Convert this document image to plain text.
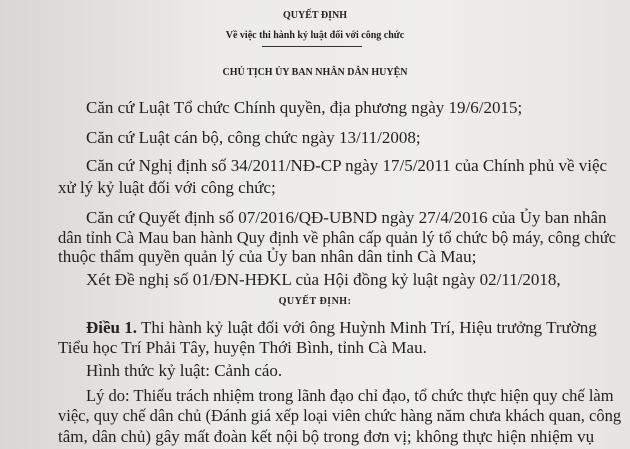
QUYẾT ĐỊNH
Về việc thi hành kỷ luật đối với công chức
CHỦ TỊCH ỦY BAN NHÂN DÂN HUYỆN
Căn cứ Luật Tổ chức Chính quyền, địa phương ngày 19/6/2015;
Căn cứ Luật cán bộ, công chức ngày 13/11/2008;
Căn cứ Nghị định số 34/2011/NĐ-CP ngày 17/5/2011 của Chính phủ về việc
xử lý kỷ luật đối với công chức;
Căn cứ Quyết định số 07/2016/QĐ-UBND ngày 27/4/2016 của Ủy ban nhân
dân tỉnh Cà Mau ban hành Quy định về phân cấp quản lý tổ chức bộ máy, công chức
thuộc thẩm quyền quản lý của Ủy ban nhân dân tỉnh Cà Mau;
Xét Đề nghị số 01/ĐN-HĐKL của Hội đồng kỷ luật ngày 02/11/2018,
QUYẾT ĐỊNH:
Điều 1. Thi hành kỷ luật đối với ông Huỳnh Minh Trí, Hiệu trưởng Trường
Tiểu học Trí Phải Tây, huyện Thới Bình, tỉnh Cà Mau.
Hình thức kỷ luật: Cảnh cáo.
Lý do: Thiếu trách nhiệm trong lãnh đạo chỉ đạo, tổ chức thực hiện quy chế làm
việc, quy chế dân chủ (Đánh giá xếp loại viên chức hàng năm chưa khách quan, công
tâm, dân chủ) gây mất đoàn kết nội bộ trong đơn vị; không thực hiện nhiệm vụ
